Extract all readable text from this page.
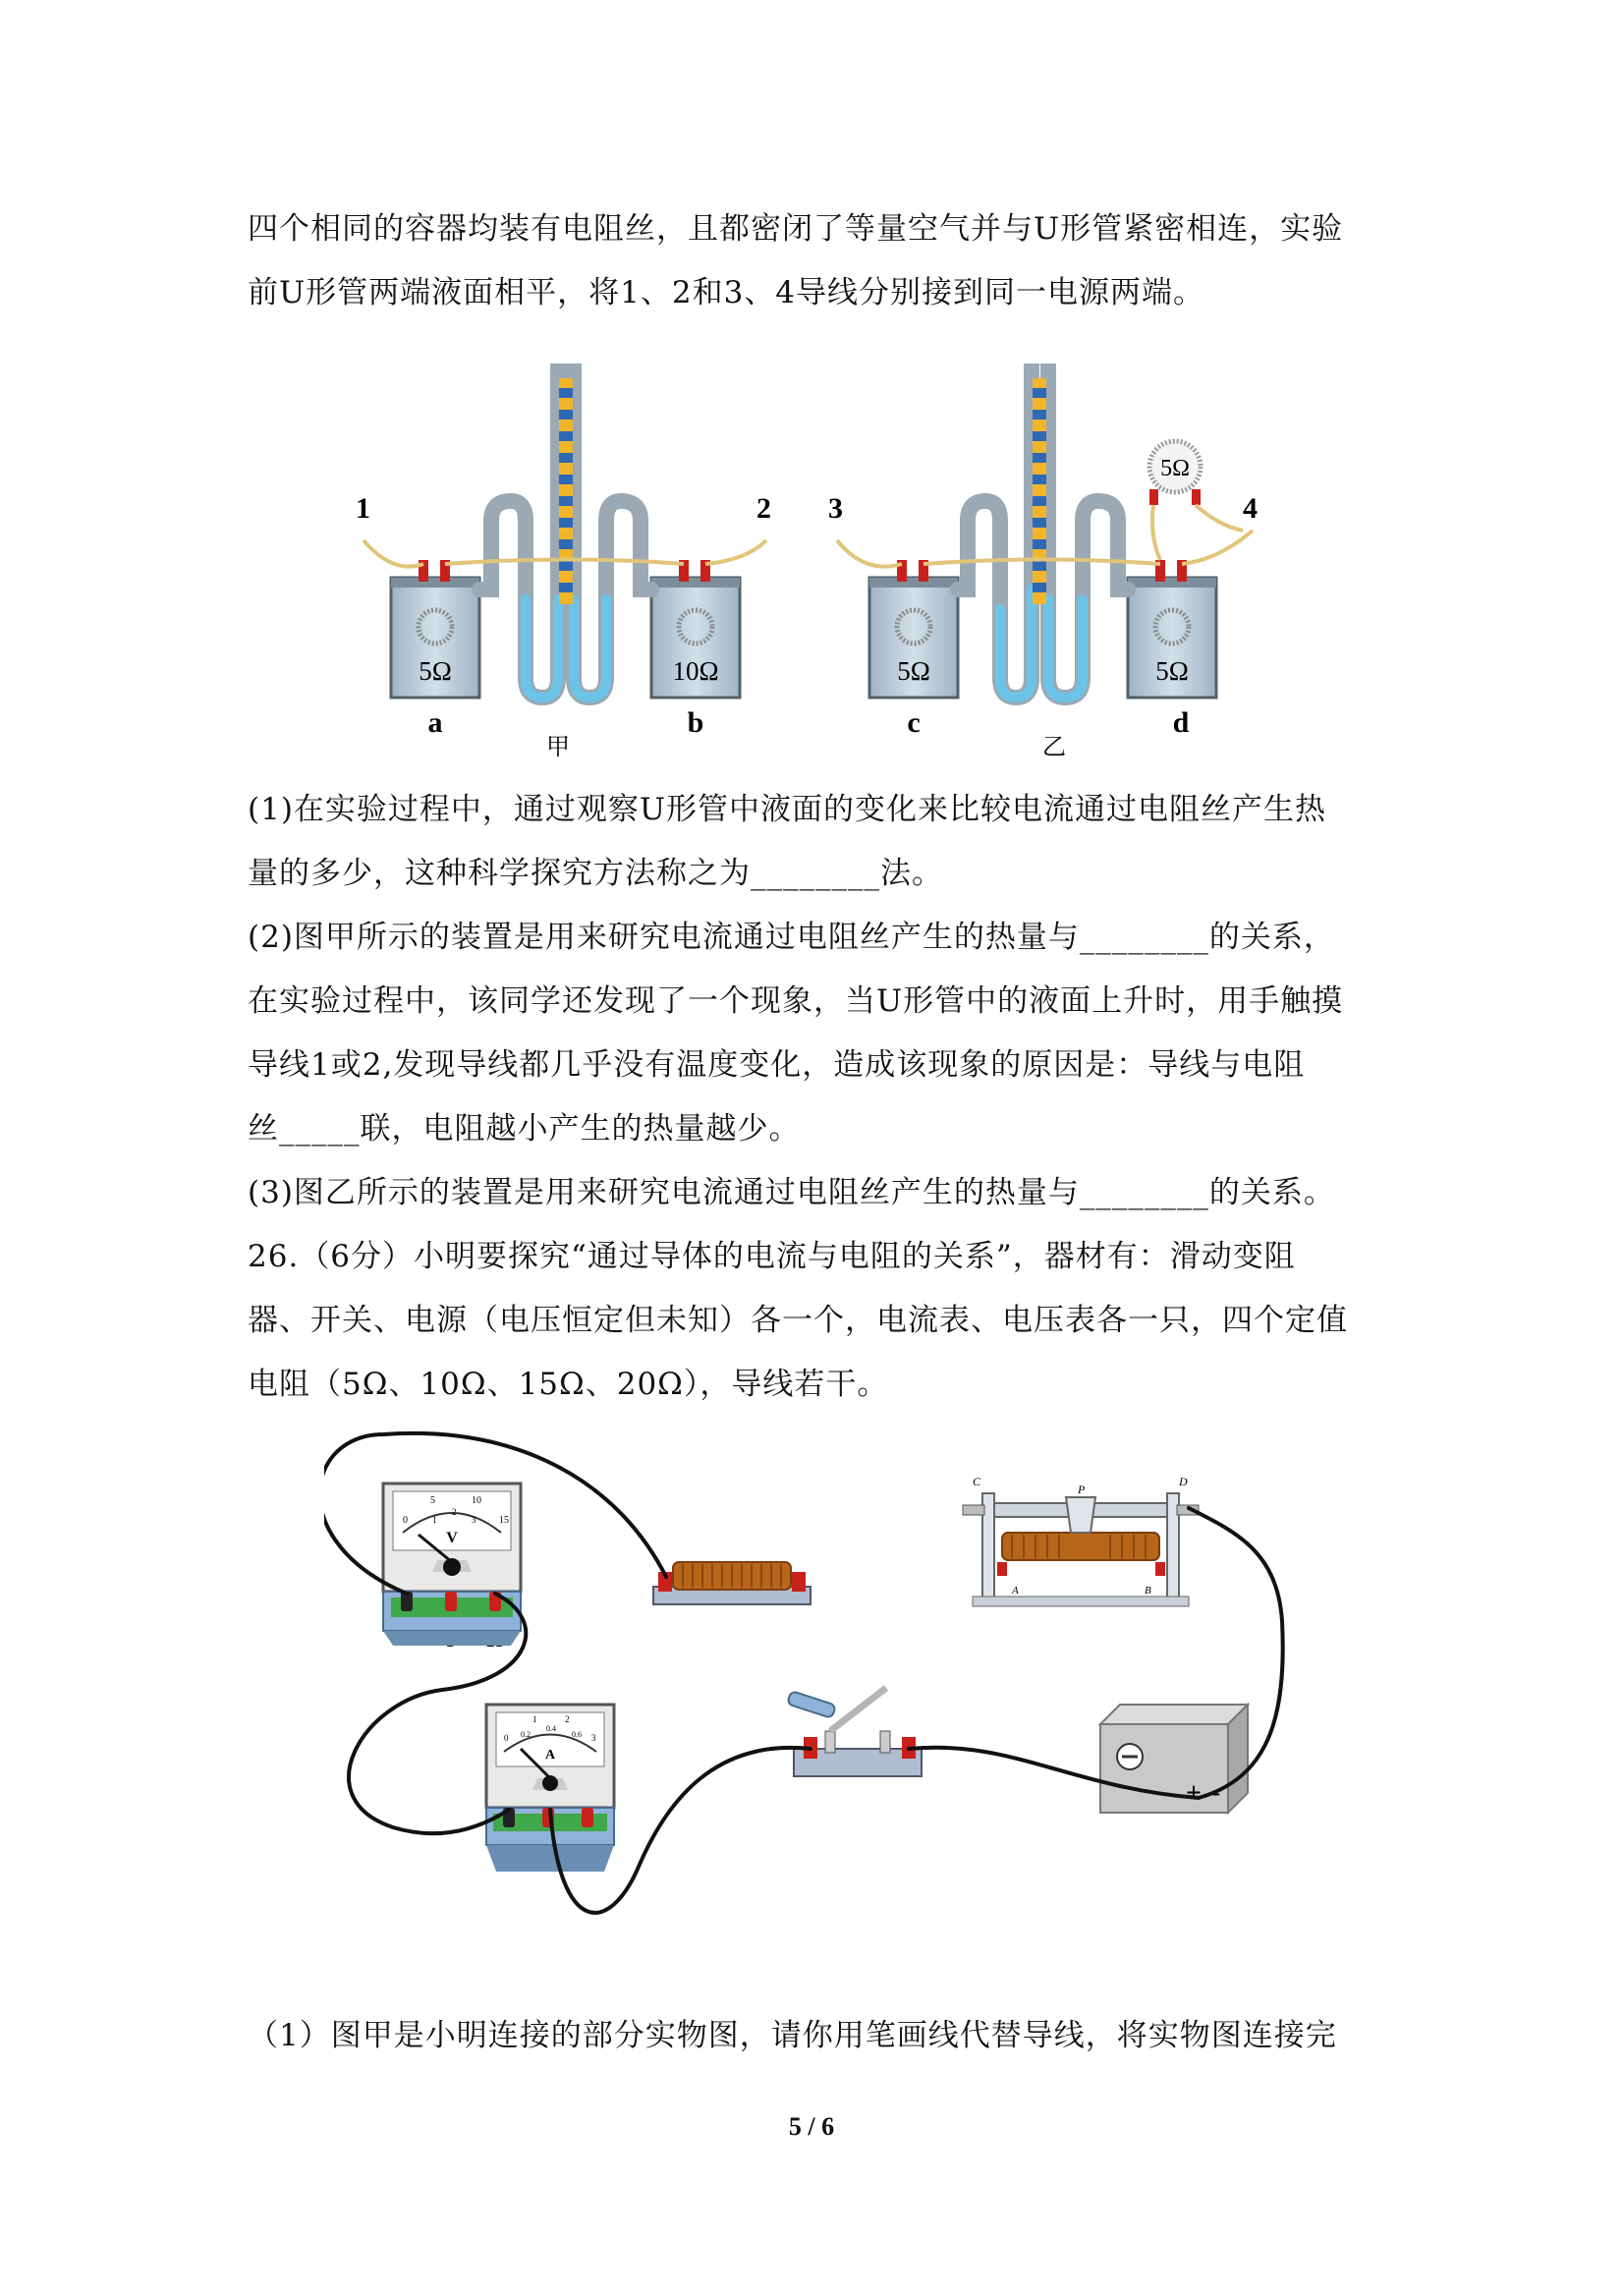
四个相同的容器均装有电阻丝，且都密闭了等量空气并与U形管紧密相连，实验
前U形管两端液面相平，将1、2和3、4导线分别接到同一电源两端。
5Ω	10Ω
1	2
a	b
甲
5Ω	5Ω
5Ω
3	4
c	d
乙
(1)在实验过程中，通过观察U形管中液面的变化来比较电流通过电阻丝产生热
量的多少，这种科学探究方法称之为________法。
(2)图甲所示的装置是用来研究电流通过电阻丝产生的热量与________的关系，
在实验过程中，该同学还发现了一个现象，当U形管中的液面上升时，用手触摸
导线1或2,发现导线都几乎没有温度变化，造成该现象的原因是：导线与电阻
丝_____联，电阻越小产生的热量越少。
(3)图乙所示的装置是用来研究电流通过电阻丝产生的热量与________的关系。
26.（6分）小明要探究“通过导体的电流与电阻的关系”，器材有：滑动变阻
器、开关、电源（电压恒定但未知）各一个，电流表、电压表各一只，四个定值
电阻（5Ω、10Ω、15Ω、20Ω），导线若干。
0
5	10
15
1
2
3
V
C
P
D
A	B
0
1	2
3
0.2
0.4
0.6
A
+ -
（1）图甲是小明连接的部分实物图，请你用笔画线代替导线，将实物图连接完
5 / 6
